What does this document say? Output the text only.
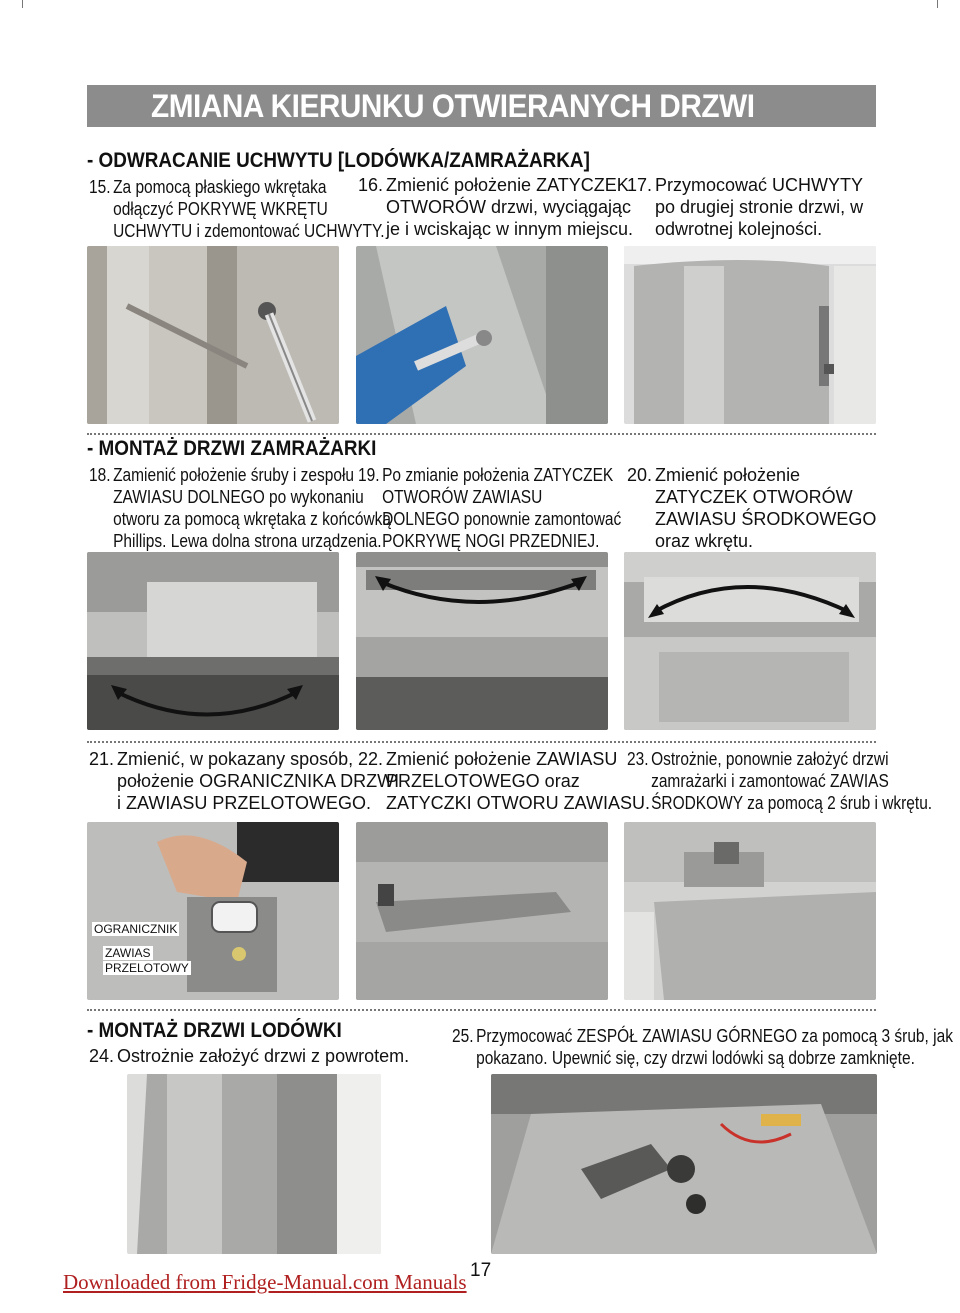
ZMIANA KIERUNKU OTWIERANYCH DRZWI
- ODWRACANIE UCHWYTU [LODÓWKA/ZAMRAŻARKA]
15. Za pomocą płaskiego wkrętaka
odłączyć POKRYWĘ WKRĘTU
UCHWYTU i zdemontować UCHWYTY.
16. Zmienić położenie ZATYCZEK
OTWORÓW drzwi, wyciągając
je i wciskając w innym miejscu.
17. Przymocować UCHWYTY
po drugiej stronie drzwi, w
odwrotnej kolejności.
- MONTAŻ DRZWI ZAMRAŻARKI
18. Zamienić położenie śruby i zespołu
ZAWIASU DOLNEGO po wykonaniu
otworu za pomocą wkrętaka z końcówką
Phillips. Lewa dolna strona urządzenia.
19. Po zmianie położenia ZATYCZEK
OTWORÓW ZAWIASU
DOLNEGO ponownie zamontować
POKRYWĘ NOGI PRZEDNIEJ.
20. Zmienić położenie
ZATYCZEK OTWORÓW
ZAWIASU ŚRODKOWEGO
oraz wkrętu.
21. Zmienić, w pokazany sposób,
położenie OGRANICZNIKA DRZWI
i ZAWIASU PRZELOTOWEGO.
22. Zmienić położenie ZAWIASU
PRZELOTOWEGO oraz
ZATYCZKI OTWORU ZAWIASU.
23. Ostrożnie, ponownie założyć drzwi
zamrażarki i zamontować ZAWIAS
ŚRODKOWY za pomocą 2 śrub i wkrętu.
OGRANICZNIK
ZAWIAS
PRZELOTOWY
- MONTAŻ DRZWI LODÓWKI
24. Ostrożnie założyć drzwi z powrotem.
25. Przymocować ZESPÓŁ ZAWIASU GÓRNEGO za pomocą 3 śrub, jak
pokazano. Upewnić się, czy drzwi lodówki są dobrze zamknięte.
Downloaded from Fridge-Manual.com Manuals 17
